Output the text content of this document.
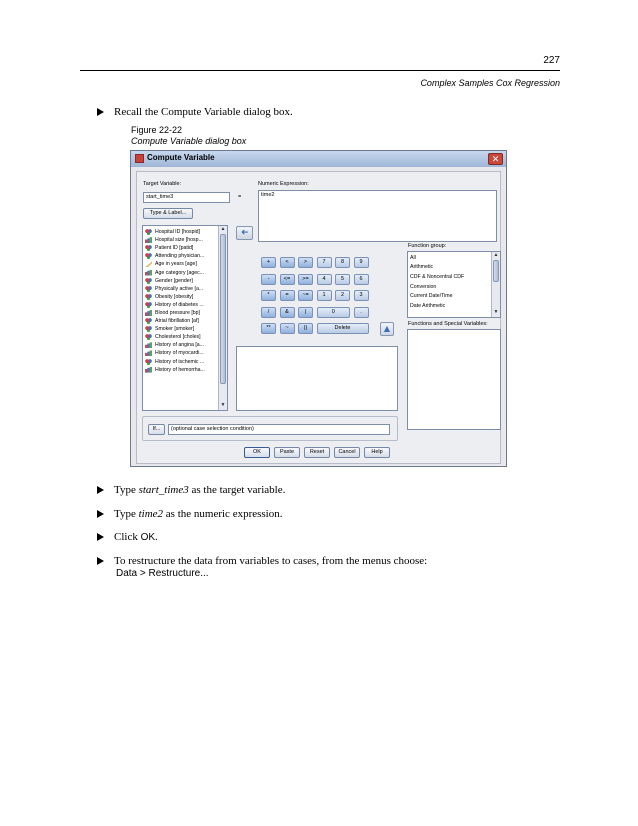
227
Complex Samples Cox Regression
Recall the Compute Variable dialog box.
Figure 22-22
Compute Variable dialog box
Compute Variable	✕
Target Variable:
start_time3	=
Numeric Expression:
time2
Type & Label...
Hospital ID [hospid]
Hospital size [hosp...
Patient ID [patid]
Attending physician...
Age in years [age]
Age category [agec...
Gender [gender]
Physically active [a...
Obesity [obesity]
History of diabetes ...
Blood pressure [bp]
Atrial fibrillation [af]
Smoker [smoker]
Cholesterol [choles]
History of angina [a...
History of myocardi...
History of ischemic ...
History of hemorrha...
▲
▼
➜
+	<	>	7	8	9
-	<=	>=	4	5	6
*	=	~=	1	2	3
/	&	|	0	.
**	~	()	Delete	▲
Function group:
All
Arithmetic
CDF & Noncentral CDF
Conversion
Current Date/Time
Date Arithmetic
▲
▼
Functions and Special Variables:
If...	(optional case selection condition)
OK	Paste	Reset	Cancel	Help
Type start_time3 as the target variable.
Type time2 as the numeric expression.
Click OK.
To restructure the data from variables to cases, from the menus choose:
Data > Restructure...
